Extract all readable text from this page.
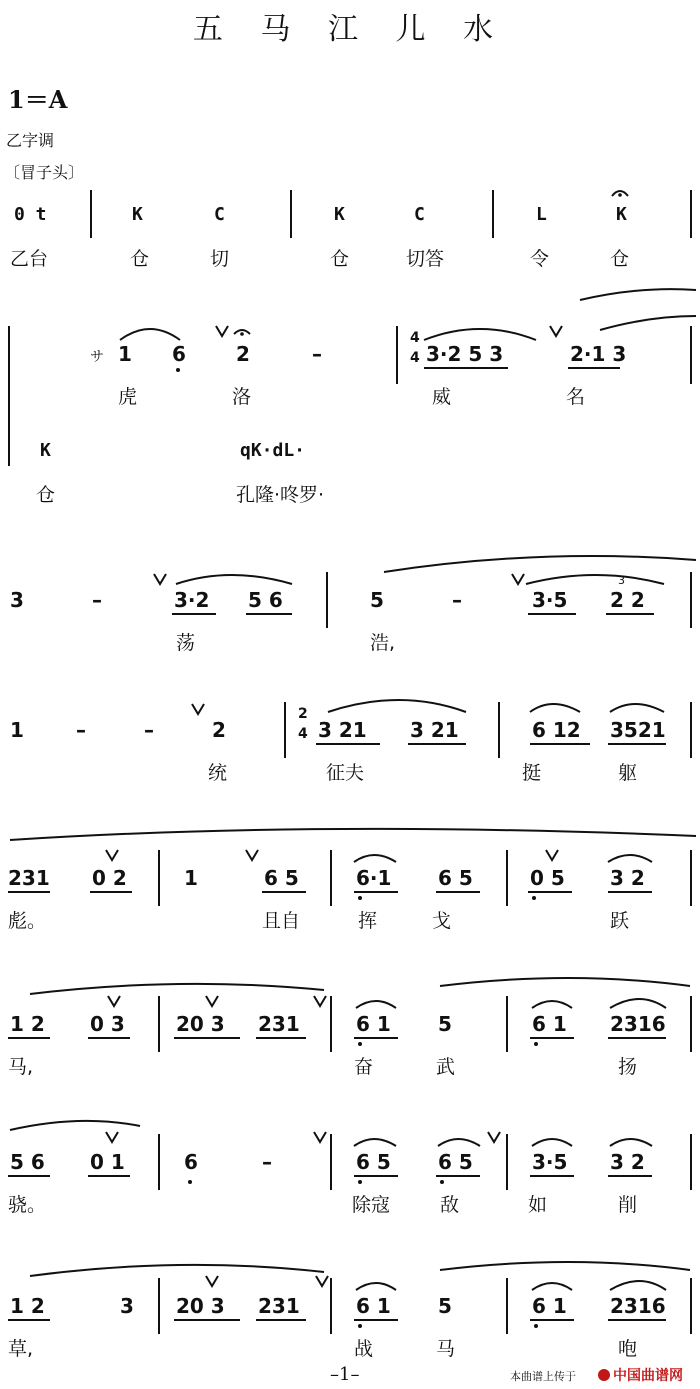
五 马 江 儿 水
1＝A
乙字调
〔冒子头〕
0 t	K	C	K	C	L	K
乙台	仓	切	仓	切答	令	仓
サ 1 6	2	–
4
4 3·2 5 3	2·1 3
虎	洛	威	名
K	qK·dL·
仓	孔隆·咚罗·
3	–	3·2 5 6	5	–	3·5
3
2 2
荡	浩,
1	–	–	2
2
4 3 21 3 21	6 12 3521
统	征夫	挺	躯
231 0 2	1	6 5	6·1 6 5	0 5 3 2
彪。	且自	挥	戈	跃
1 2 0 3	20 3 231	6 1 5	6 1 2316
马,	奋	武	扬
5 6 0 1	6	–	6 5 6 5	3·5 3 2
骁。	除寇	敌	如	削
1 2	3 20 3 231	6 1 5	6 1 2316
草,	战	马	咆
–1–	本曲谱上传于	中国曲谱网
